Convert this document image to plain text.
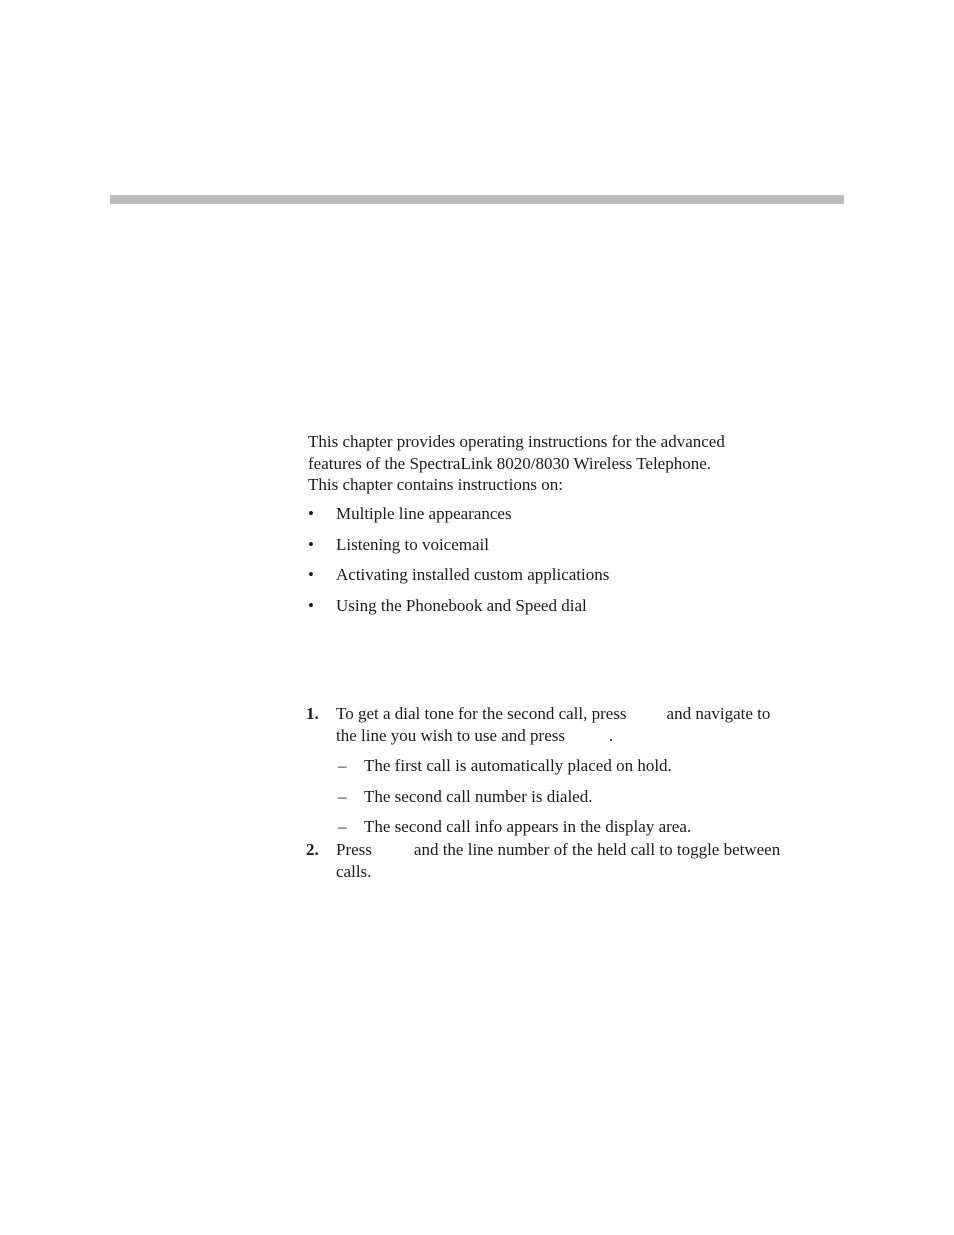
This chapter provides operating instructions for the advanced
features of the SpectraLink 8020/8030 Wireless Telephone.
This chapter contains instructions on:

• Multiple line appearances
• Listening to voicemail
• Activating installed custom applications
• Using the Phonebook and Speed dial
1. To get a dial tone for the second call, press and navigate to
the line you wish to use and press	.
– The first call is automatically placed on hold.
– The second call number is dialed.
– The second call info appears in the display area.
2. Press and the line number of the held call to toggle between
calls.
